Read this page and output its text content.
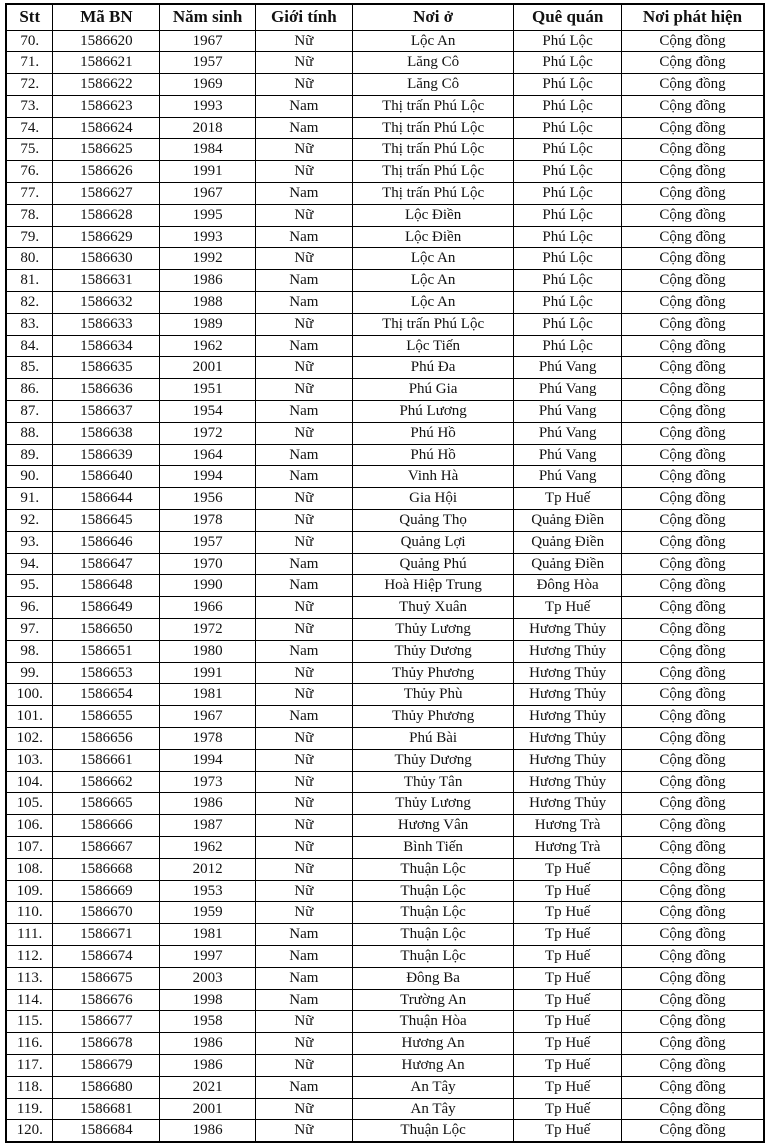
Stt	Mã BN	Năm sinh	Giới tính	Nơi ở	Quê quán	Nơi phát hiện
70.	1586620	1967	Nữ	Lộc An	Phú Lộc	Cộng đồng
71.	1586621	1957	Nữ	Lăng Cô	Phú Lộc	Cộng đồng
72.	1586622	1969	Nữ	Lăng Cô	Phú Lộc	Cộng đồng
73.	1586623	1993	Nam	Thị trấn Phú Lộc	Phú Lộc	Cộng đồng
74.	1586624	2018	Nam	Thị trấn Phú Lộc	Phú Lộc	Cộng đồng
75.	1586625	1984	Nữ	Thị trấn Phú Lộc	Phú Lộc	Cộng đồng
76.	1586626	1991	Nữ	Thị trấn Phú Lộc	Phú Lộc	Cộng đồng
77.	1586627	1967	Nam	Thị trấn Phú Lộc	Phú Lộc	Cộng đồng
78.	1586628	1995	Nữ	Lộc Điền	Phú Lộc	Cộng đồng
79.	1586629	1993	Nam	Lộc Điền	Phú Lộc	Cộng đồng
80.	1586630	1992	Nữ	Lộc An	Phú Lộc	Cộng đồng
81.	1586631	1986	Nam	Lộc An	Phú Lộc	Cộng đồng
82.	1586632	1988	Nam	Lộc An	Phú Lộc	Cộng đồng
83.	1586633	1989	Nữ	Thị trấn Phú Lộc	Phú Lộc	Cộng đồng
84.	1586634	1962	Nam	Lộc Tiến	Phú Lộc	Cộng đồng
85.	1586635	2001	Nữ	Phú Đa	Phú Vang	Cộng đồng
86.	1586636	1951	Nữ	Phú Gia	Phú Vang	Cộng đồng
87.	1586637	1954	Nam	Phú Lương	Phú Vang	Cộng đồng
88.	1586638	1972	Nữ	Phú Hồ	Phú Vang	Cộng đồng
89.	1586639	1964	Nam	Phú Hồ	Phú Vang	Cộng đồng
90.	1586640	1994	Nam	Vinh Hà	Phú Vang	Cộng đồng
91.	1586644	1956	Nữ	Gia Hội	Tp Huế	Cộng đồng
92.	1586645	1978	Nữ	Quảng Thọ	Quảng Điền	Cộng đồng
93.	1586646	1957	Nữ	Quảng Lợi	Quảng Điền	Cộng đồng
94.	1586647	1970	Nam	Quảng Phú	Quảng Điền	Cộng đồng
95.	1586648	1990	Nam	Hoà Hiệp Trung	Đông Hòa	Cộng đồng
96.	1586649	1966	Nữ	Thuỷ Xuân	Tp Huế	Cộng đồng
97.	1586650	1972	Nữ	Thủy Lương	Hương Thủy	Cộng đồng
98.	1586651	1980	Nam	Thủy Dương	Hương Thủy	Cộng đồng
99.	1586653	1991	Nữ	Thủy Phương	Hương Thủy	Cộng đồng
100.	1586654	1981	Nữ	Thủy Phù	Hương Thủy	Cộng đồng
101.	1586655	1967	Nam	Thủy Phương	Hương Thủy	Cộng đồng
102.	1586656	1978	Nữ	Phú Bài	Hương Thủy	Cộng đồng
103.	1586661	1994	Nữ	Thủy Dương	Hương Thủy	Cộng đồng
104.	1586662	1973	Nữ	Thủy Tân	Hương Thủy	Cộng đồng
105.	1586665	1986	Nữ	Thủy Lương	Hương Thủy	Cộng đồng
106.	1586666	1987	Nữ	Hương Vân	Hương Trà	Cộng đồng
107.	1586667	1962	Nữ	Bình Tiến	Hương Trà	Cộng đồng
108.	1586668	2012	Nữ	Thuận Lộc	Tp Huế	Cộng đồng
109.	1586669	1953	Nữ	Thuận Lộc	Tp Huế	Cộng đồng
110.	1586670	1959	Nữ	Thuận Lộc	Tp Huế	Cộng đồng
111.	1586671	1981	Nam	Thuận Lộc	Tp Huế	Cộng đồng
112.	1586674	1997	Nam	Thuận Lộc	Tp Huế	Cộng đồng
113.	1586675	2003	Nam	Đông Ba	Tp Huế	Cộng đồng
114.	1586676	1998	Nam	Trường An	Tp Huế	Cộng đồng
115.	1586677	1958	Nữ	Thuận Hòa	Tp Huế	Cộng đồng
116.	1586678	1986	Nữ	Hương An	Tp Huế	Cộng đồng
117.	1586679	1986	Nữ	Hương An	Tp Huế	Cộng đồng
118.	1586680	2021	Nam	An Tây	Tp Huế	Cộng đồng
119.	1586681	2001	Nữ	An Tây	Tp Huế	Cộng đồng
120.	1586684	1986	Nữ	Thuận Lộc	Tp Huế	Cộng đồng
